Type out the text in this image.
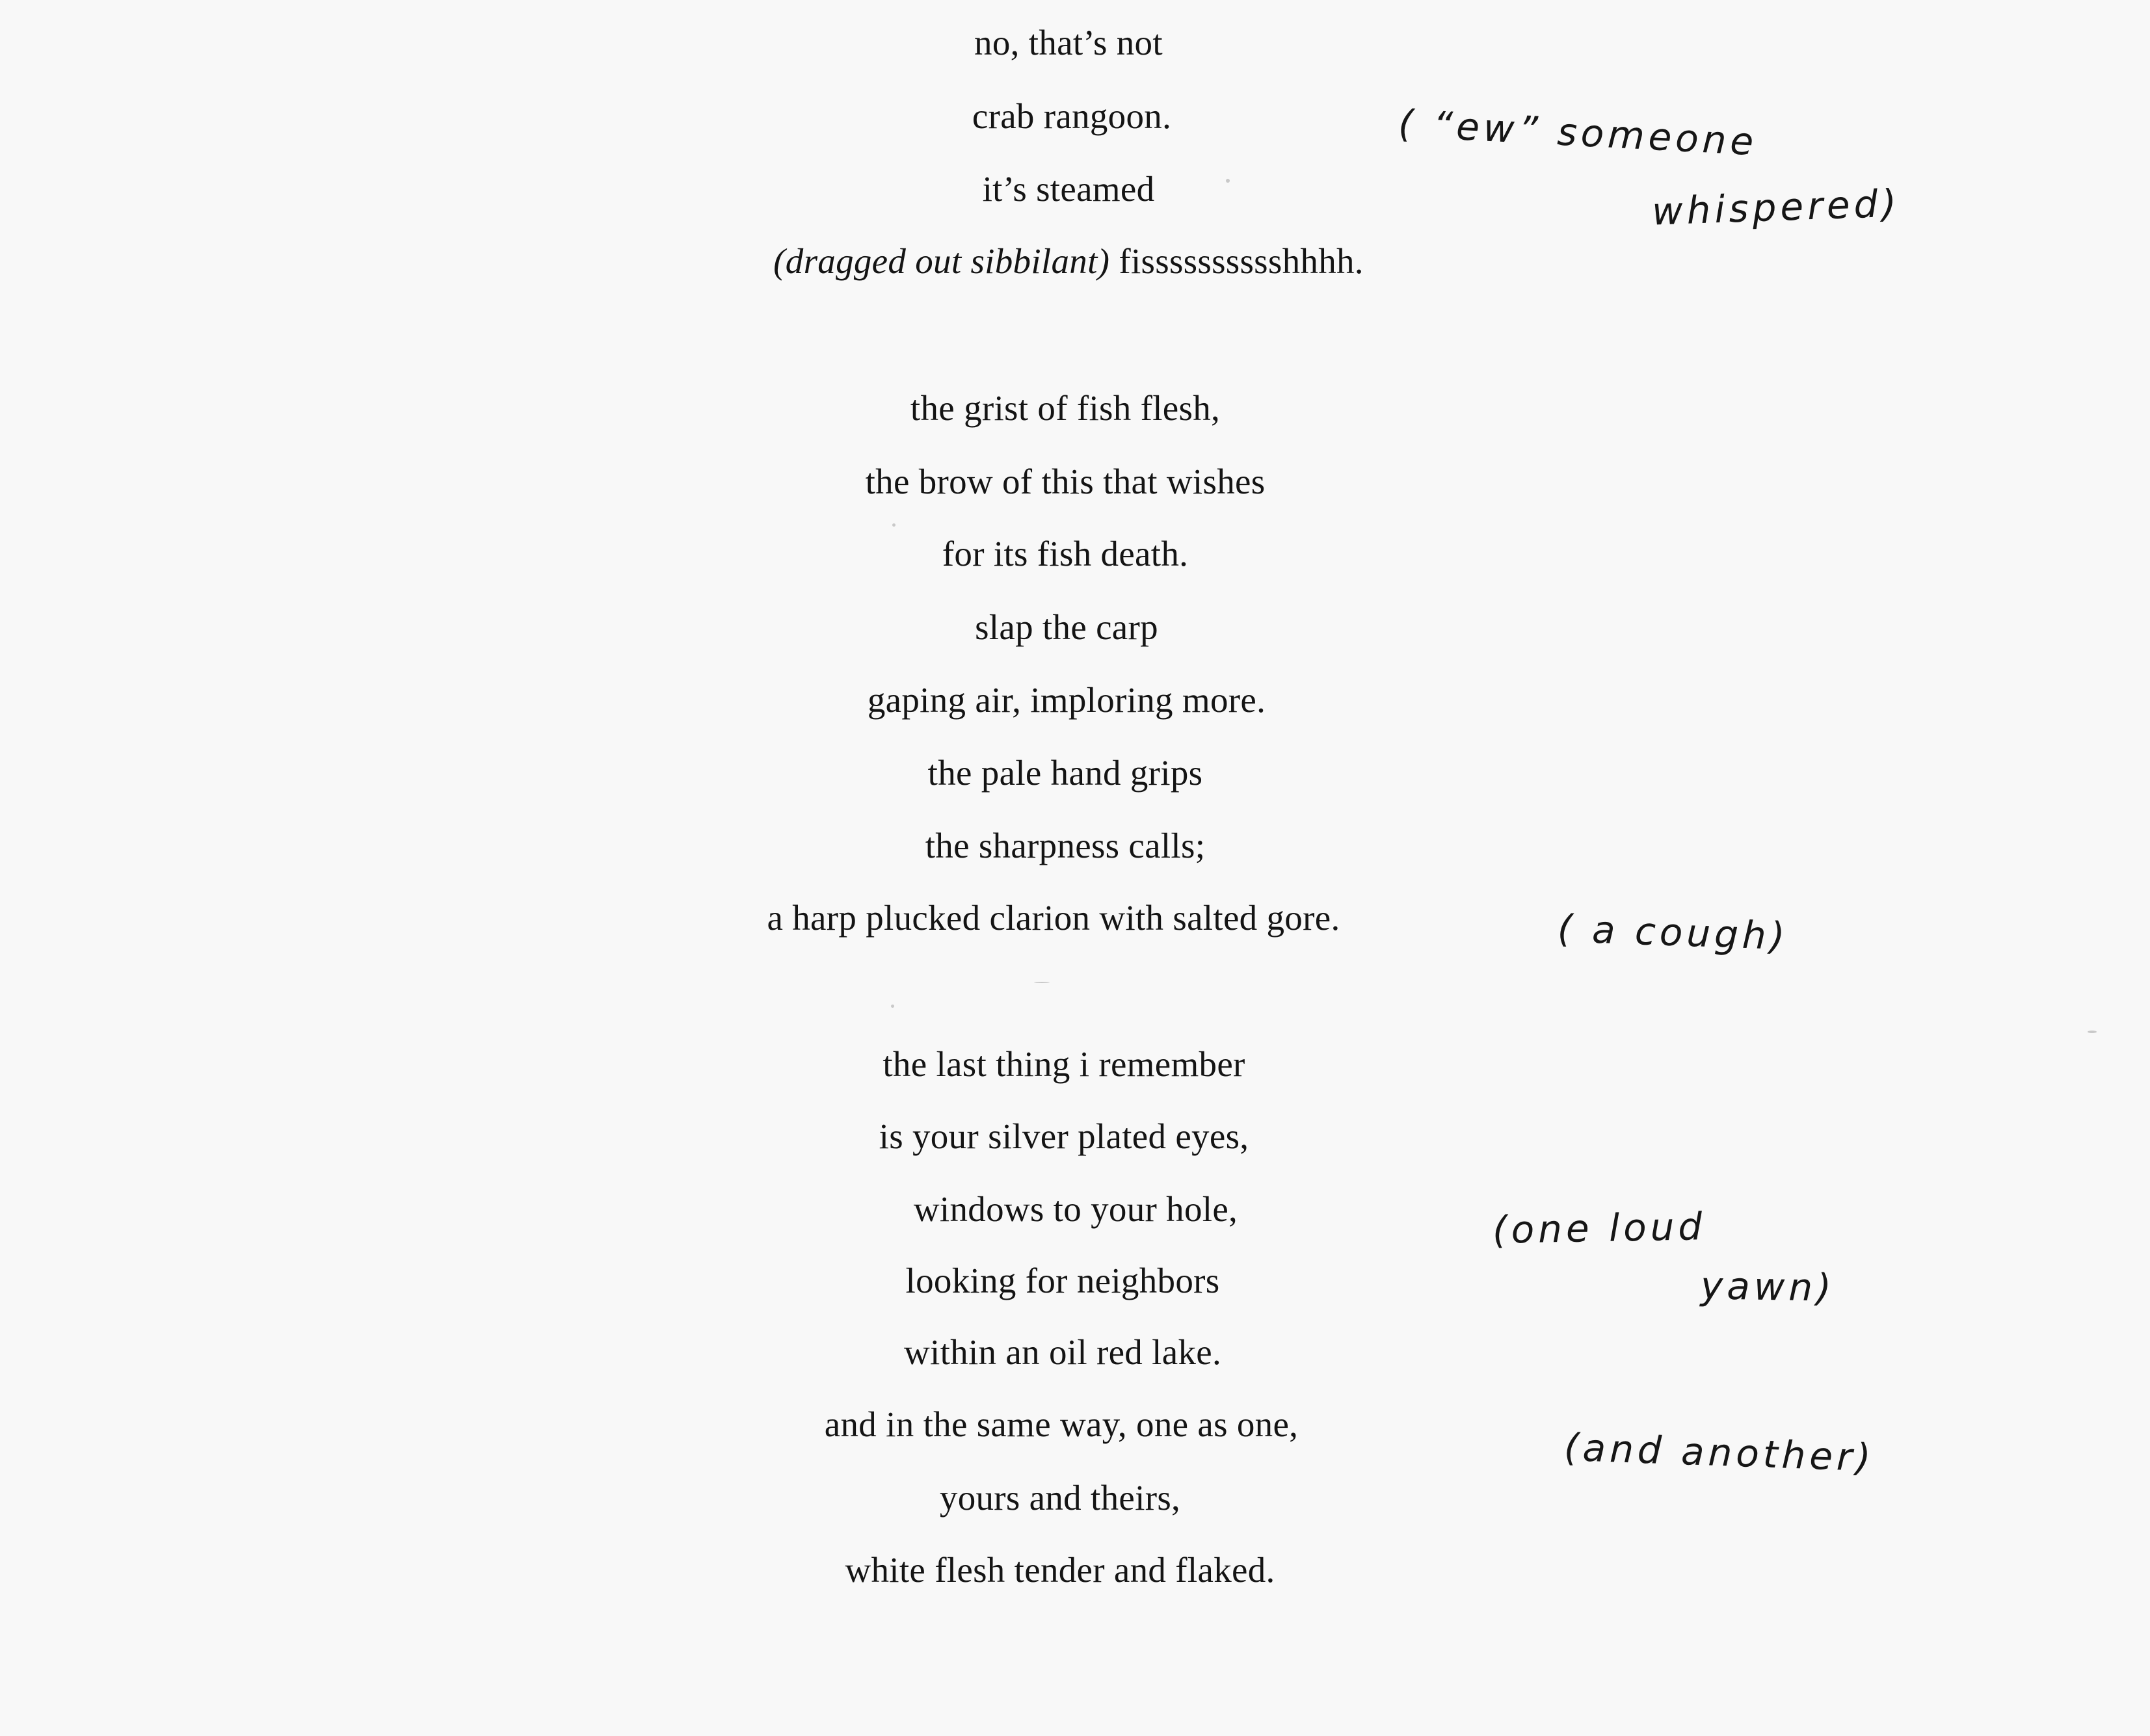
no, that’s not
crab rangoon.
it’s steamed
(dragged out sibbilant) fisssssssssshhhh.
the grist of fish flesh,
the brow of this that wishes
for its fish death.
slap the carp
gaping air, imploring more.
the pale hand grips
the sharpness calls;
a harp plucked clarion with salted gore.
the last thing i remember
is your silver plated eyes,
windows to your hole,
looking for neighbors
within an oil red lake.
and in the same way, one as one,
yours and theirs,
white flesh tender and flaked.
( “ew” someone
whispered)
( a cough)
(one loud
yawn)
(and another)
